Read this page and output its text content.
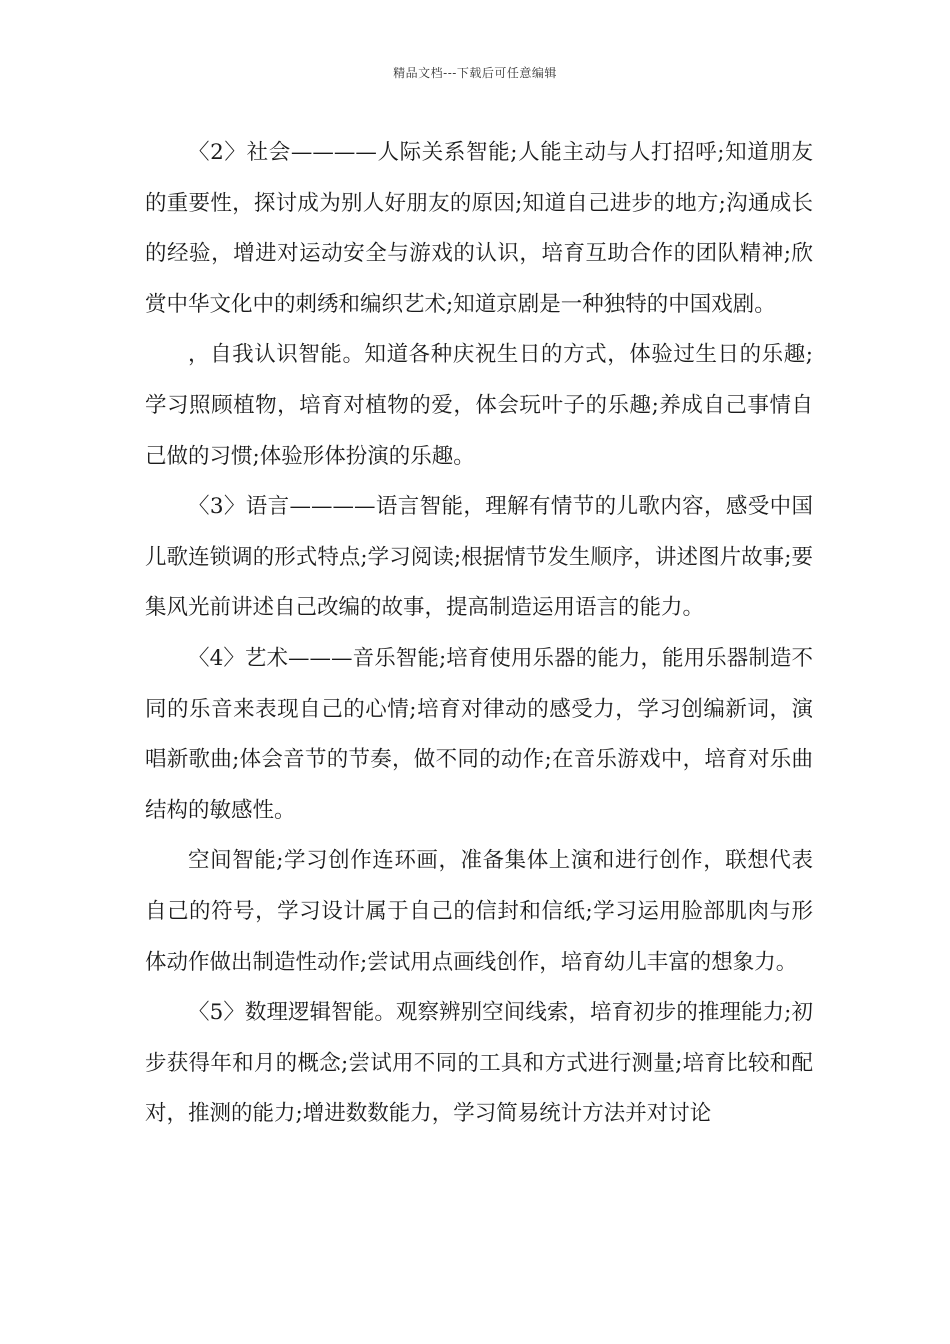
精品文档---下载后可任意编辑

〈2〉社会————人际关系智能;人能主动与人打招呼;知道朋友的重要性，探讨成为别人好朋友的原因;知道自己进步的地方;沟通成长的经验，增进对运动安全与游戏的认识，培育互助合作的团队精神;欣赏中华文化中的刺绣和编织艺术;知道京剧是一种独特的中国戏剧。

，自我认识智能。知道各种庆祝生日的方式，体验过生日的乐趣;学习照顾植物，培育对植物的爱，体会玩叶子的乐趣;养成自己事情自己做的习惯;体验形体扮演的乐趣。

〈3〉语言————语言智能，理解有情节的儿歌内容，感受中国儿歌连锁调的形式特点;学习阅读;根据情节发生顺序，讲述图片故事;要集风光前讲述自己改编的故事，提高制造运用语言的能力。

〈4〉艺术———音乐智能;培育使用乐器的能力，能用乐器制造不同的乐音来表现自己的心情;培育对律动的感受力，学习创编新词，演唱新歌曲;体会音节的节奏，做不同的动作;在音乐游戏中，培育对乐曲结构的敏感性。

空间智能;学习创作连环画，准备集体上演和进行创作，联想代表自己的符号，学习设计属于自己的信封和信纸;学习运用脸部肌肉与形体动作做出制造性动作;尝试用点画线创作，培育幼儿丰富的想象力。

〈5〉数理逻辑智能。观察辨别空间线索，培育初步的推理能力;初步获得年和月的概念;尝试用不同的工具和方式进行测量;培育比较和配对，推测的能力;增进数数能力，学习简易统计方法并对讨论
